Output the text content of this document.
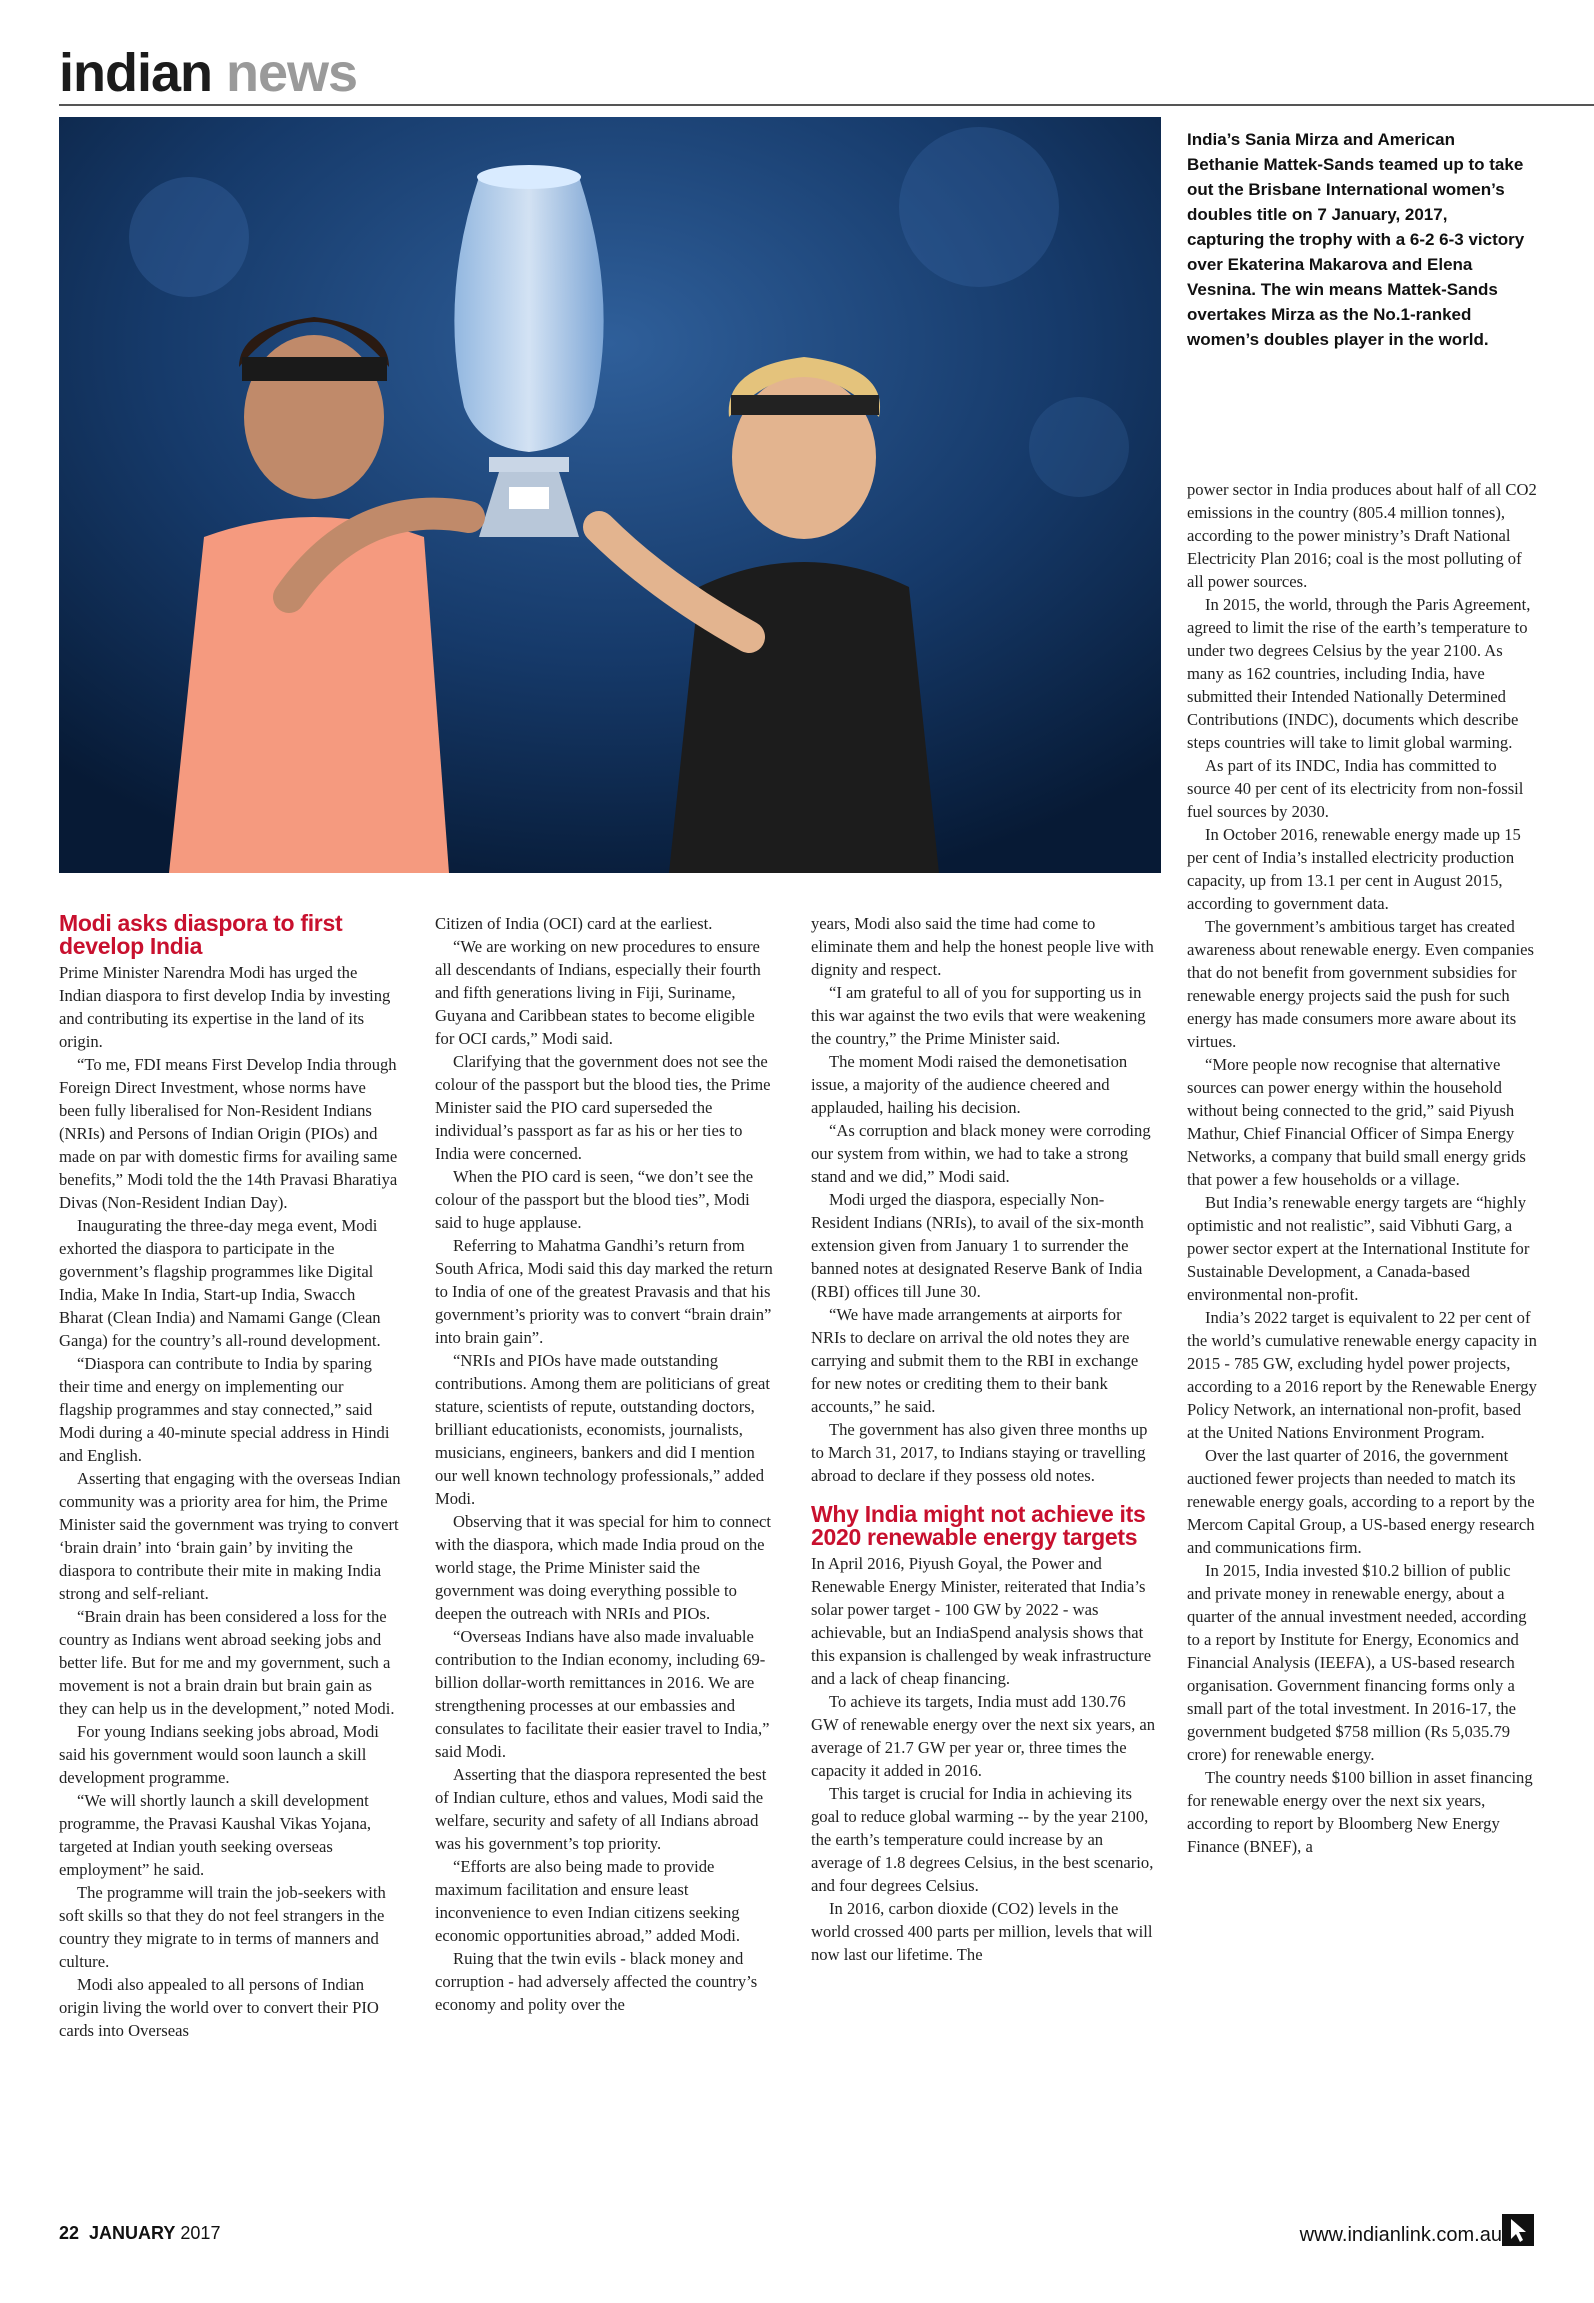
indian news

India’s Sania Mirza and American Bethanie Mattek-Sands teamed up to take out the Brisbane International women’s doubles title on 7 January, 2017, capturing the trophy with a 6-2 6-3 victory over Ekaterina Makarova and Elena Vesnina. The win means Mattek-Sands overtakes Mirza as the No.1-ranked women’s doubles player in the world.

Modi asks diaspora to first develop India

Prime Minister Narendra Modi has urged the Indian diaspora to first develop India by investing and contributing its expertise in the land of its origin.

“To me, FDI means First Develop India through Foreign Direct Investment, whose norms have been fully liberalised for Non-Resident Indians (NRIs) and Persons of Indian Origin (PIOs) and made on par with domestic firms for availing same benefits,” Modi told the the 14th Pravasi Bharatiya Divas (Non-Resident Indian Day).

Inaugurating the three-day mega event, Modi exhorted the diaspora to participate in the government’s flagship programmes like Digital India, Make In India, Start-up India, Swacch Bharat (Clean India) and Namami Gange (Clean Ganga) for the country’s all-round development.

“Diaspora can contribute to India by sparing their time and energy on implementing our flagship programmes and stay connected,” said Modi during a 40-minute special address in Hindi and English.

Asserting that engaging with the overseas Indian community was a priority area for him, the Prime Minister said the government was trying to convert ‘brain drain’ into ‘brain gain’ by inviting the diaspora to contribute their mite in making India strong and self-reliant.

“Brain drain has been considered a loss for the country as Indians went abroad seeking jobs and better life. But for me and my government, such a movement is not a brain drain but brain gain as they can help us in the development,” noted Modi.

For young Indians seeking jobs abroad, Modi said his government would soon launch a skill development programme.

“We will shortly launch a skill development programme, the Pravasi Kaushal Vikas Yojana, targeted at Indian youth seeking overseas employment” he said.

The programme will train the job-seekers with soft skills so that they do not feel strangers in the country they migrate to in terms of manners and culture.

Modi also appealed to all persons of Indian origin living the world over to convert their PIO cards into Overseas

Citizen of India (OCI) card at the earliest.

“We are working on new procedures to ensure all descendants of Indians, especially their fourth and fifth generations living in Fiji, Suriname, Guyana and Caribbean states to become eligible for OCI cards,” Modi said.

Clarifying that the government does not see the colour of the passport but the blood ties, the Prime Minister said the PIO card superseded the individual’s passport as far as his or her ties to India were concerned.

When the PIO card is seen, “we don’t see the colour of the passport but the blood ties”, Modi said to huge applause.

Referring to Mahatma Gandhi’s return from South Africa, Modi said this day marked the return to India of one of the greatest Pravasis and that his government’s priority was to convert “brain drain” into brain gain”.

“NRIs and PIOs have made outstanding contributions. Among them are politicians of great stature, scientists of repute, outstanding doctors, brilliant educationists, economists, journalists, musicians, engineers, bankers and did I mention our well known technology professionals,” added Modi.

Observing that it was special for him to connect with the diaspora, which made India proud on the world stage, the Prime Minister said the government was doing everything possible to deepen the outreach with NRIs and PIOs.

“Overseas Indians have also made invaluable contribution to the Indian economy, including 69-billion dollar-worth remittances in 2016. We are strengthening processes at our embassies and consulates to facilitate their easier travel to India,” said Modi.

Asserting that the diaspora represented the best of Indian culture, ethos and values, Modi said the welfare, security and safety of all Indians abroad was his government’s top priority.

“Efforts are also being made to provide maximum facilitation and ensure least inconvenience to even Indian citizens seeking economic opportunities abroad,” added Modi.

Ruing that the twin evils - black money and corruption - had adversely affected the country’s economy and polity over the

years, Modi also said the time had come to eliminate them and help the honest people live with dignity and respect.

“I am grateful to all of you for supporting us in this war against the two evils that were weakening the country,” the Prime Minister said.

The moment Modi raised the demonetisation issue, a majority of the audience cheered and applauded, hailing his decision.

“As corruption and black money were corroding our system from within, we had to take a strong stand and we did,” Modi said.

Modi urged the diaspora, especially Non-Resident Indians (NRIs), to avail of the six-month extension given from January 1 to surrender the banned notes at designated Reserve Bank of India (RBI) offices till June 30.

“We have made arrangements at airports for NRIs to declare on arrival the old notes they are carrying and submit them to the RBI in exchange for new notes or crediting them to their bank accounts,” he said.

The government has also given three months up to March 31, 2017, to Indians staying or travelling abroad to declare if they possess old notes.

Why India might not achieve its 2020 renewable energy targets

In April 2016, Piyush Goyal, the Power and Renewable Energy Minister, reiterated that India’s solar power target - 100 GW by 2022 - was achievable, but an IndiaSpend analysis shows that this expansion is challenged by weak infrastructure and a lack of cheap financing.

To achieve its targets, India must add 130.76 GW of renewable energy over the next six years, an average of 21.7 GW per year or, three times the capacity it added in 2016.

This target is crucial for India in achieving its goal to reduce global warming -- by the year 2100, the earth’s temperature could increase by an average of 1.8 degrees Celsius, in the best scenario, and four degrees Celsius.

In 2016, carbon dioxide (CO2) levels in the world crossed 400 parts per million, levels that will now last our lifetime. The

power sector in India produces about half of all CO2 emissions in the country (805.4 million tonnes), according to the power ministry’s Draft National Electricity Plan 2016; coal is the most polluting of all power sources.

In 2015, the world, through the Paris Agreement, agreed to limit the rise of the earth’s temperature to under two degrees Celsius by the year 2100. As many as 162 countries, including India, have submitted their Intended Nationally Determined Contributions (INDC), documents which describe steps countries will take to limit global warming.

As part of its INDC, India has committed to source 40 per cent of its electricity from non-fossil fuel sources by 2030.

In October 2016, renewable energy made up 15 per cent of India’s installed electricity production capacity, up from 13.1 per cent in August 2015, according to government data.

The government’s ambitious target has created awareness about renewable energy. Even companies that do not benefit from government subsidies for renewable energy projects said the push for such energy has made consumers more aware about its virtues.

“More people now recognise that alternative sources can power energy within the household without being connected to the grid,” said Piyush Mathur, Chief Financial Officer of Simpa Energy Networks, a company that build small energy grids that power a few households or a village.

But India’s renewable energy targets are “highly optimistic and not realistic”, said Vibhuti Garg, a power sector expert at the International Institute for Sustainable Development, a Canada-based environmental non-profit.

India’s 2022 target is equivalent to 22 per cent of the world’s cumulative renewable energy capacity in 2015 - 785 GW, excluding hydel power projects, according to a 2016 report by the Renewable Energy Policy Network, an international non-profit, based at the United Nations Environment Program.

Over the last quarter of 2016, the government auctioned fewer projects than needed to match its renewable energy goals, according to a report by the Mercom Capital Group, a US-based energy research and communications firm.

In 2015, India invested $10.2 billion of public and private money in renewable energy, about a quarter of the annual investment needed, according to a report by Institute for Energy, Economics and Financial Analysis (IEEFA), a US-based research organisation. Government financing forms only a small part of the total investment. In 2016-17, the government budgeted $758 million (Rs 5,035.79 crore) for renewable energy.

The country needs $100 billion in asset financing for renewable energy over the next six years, according to report by Bloomberg New Energy Finance (BNEF), a

22 JANUARY 2017	www.indianlink.com.au
